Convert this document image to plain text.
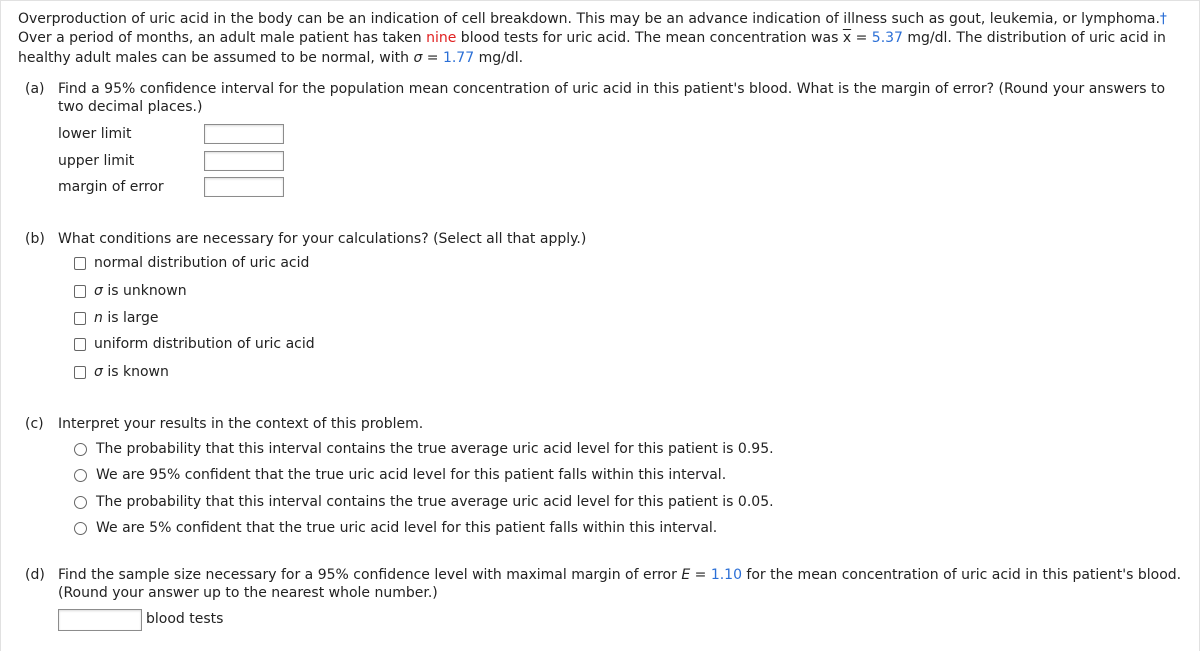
Overproduction of uric acid in the body can be an indication of cell breakdown. This may be an advance indication of illness such as gout, leukemia, or lymphoma.† Over a period of months, an adult male patient has taken nine blood tests for uric acid. The mean concentration was $\overline{x} = 5.37$ mg/dl. The distribution of uric acid in healthy adult males can be assumed to be normal, with σ = 1.77 mg/dl.
(a) Find a 95% confidence interval for the population mean concentration of uric acid in this patient's blood. What is the margin of error? (Round your answers to two decimal places.)
lower limit
upper limit
margin of error
(b) What conditions are necessary for your calculations? (Select all that apply.)
normal distribution of uric acid
σ is unknown
n is large
uniform distribution of uric acid
σ is known
(c) Interpret your results in the context of this problem.
The probability that this interval contains the true average uric acid level for this patient is 0.95.
We are 95% confident that the true uric acid level for this patient falls within this interval.
The probability that this interval contains the true average uric acid level for this patient is 0.05.
We are 5% confident that the true uric acid level for this patient falls within this interval.
(d) Find the sample size necessary for a 95% confidence level with maximal margin of error E = 1.10 for the mean concentration of uric acid in this patient's blood. (Round your answer up to the nearest whole number.)
blood tests
